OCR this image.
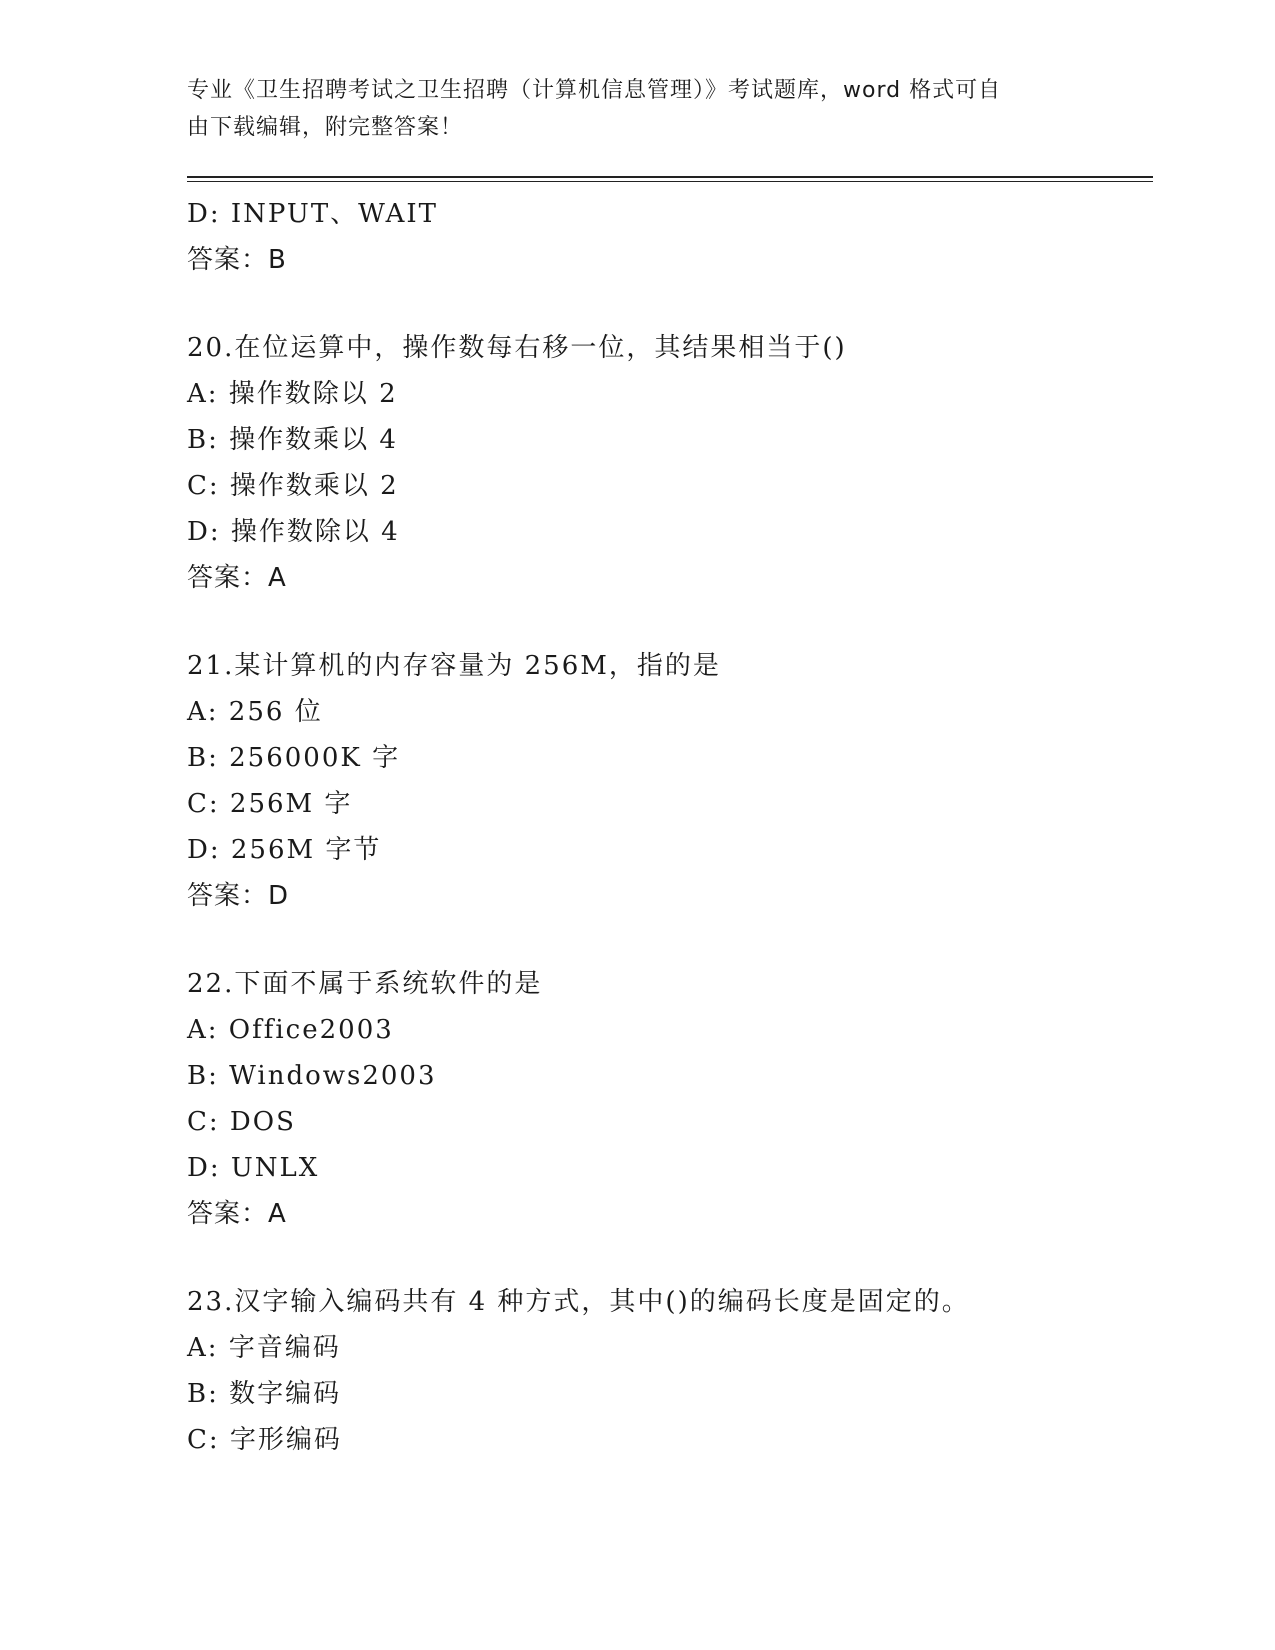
专业《卫生招聘考试之卫生招聘（计算机信息管理）》考试题库，word 格式可自
由下载编辑，附完整答案！
D: INPUT、WAIT
答案：B
20.在位运算中，操作数每右移一位，其结果相当于()
A: 操作数除以 2
B: 操作数乘以 4
C: 操作数乘以 2
D: 操作数除以 4
答案：A
21.某计算机的内存容量为 256M，指的是
A: 256 位
B: 256000K 字
C: 256M 字
D: 256M 字节
答案：D
22.下面不属于系统软件的是
A: Office2003
B: Windows2003
C: DOS
D: UNLX
答案：A
23.汉字输入编码共有 4 种方式，其中()的编码长度是固定的。
A: 字音编码
B: 数字编码
C: 字形编码
